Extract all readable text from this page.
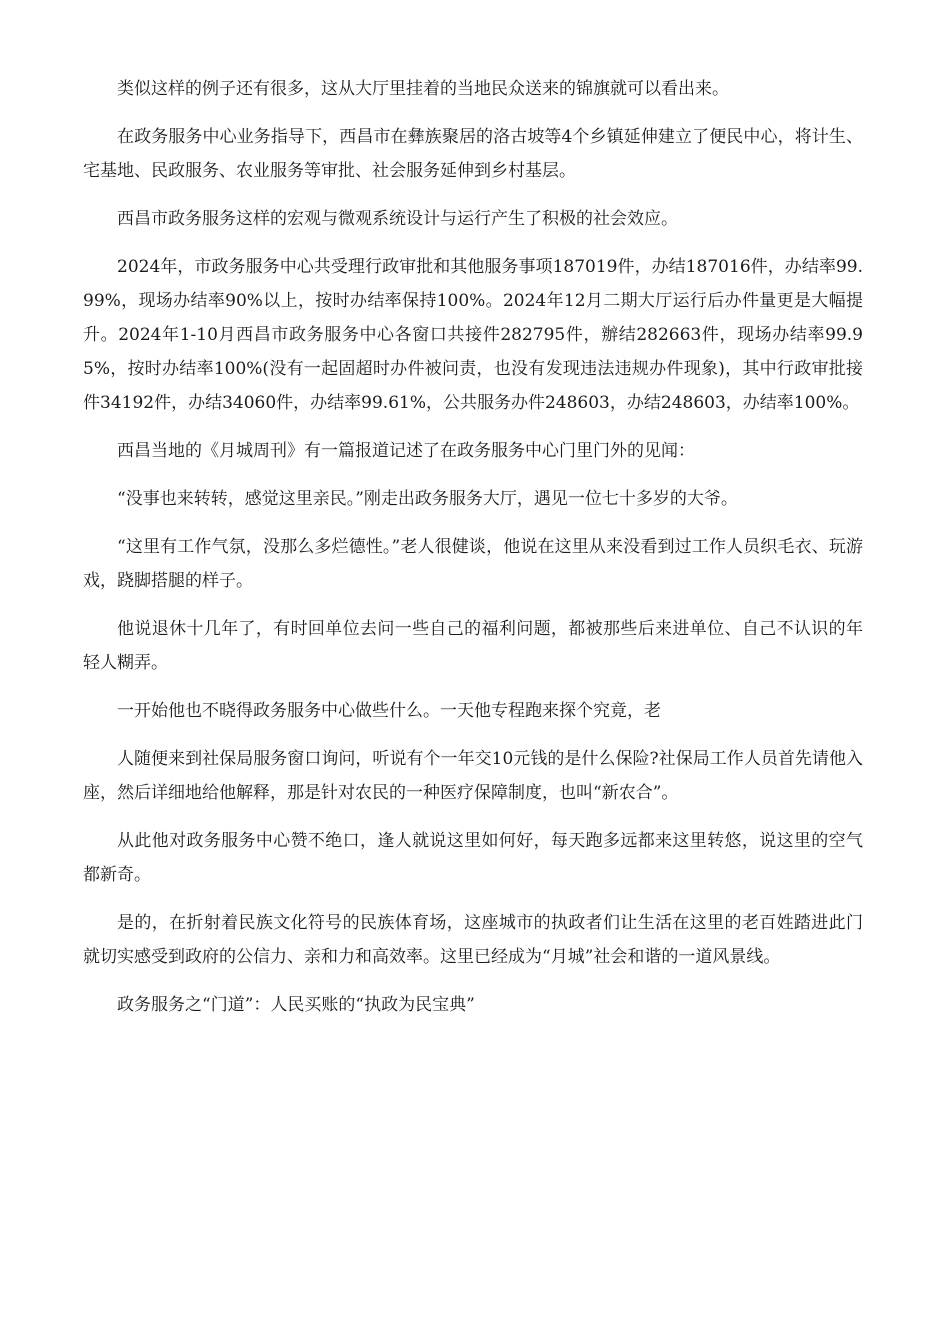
类似这样的例子还有很多，这从大厅里挂着的当地民众送来的锦旗就可以看出来。

在政务服务中心业务指导下，西昌市在彝族聚居的洛古坡等4个乡镇延伸建立了便民中心，将计生、宅基地、民政服务、农业服务等审批、社会服务延伸到乡村基层。

西昌市政务服务这样的宏观与微观系统设计与运行产生了积极的社会效应。

2024年，市政务服务中心共受理行政审批和其他服务事项187019件，办结187016件，办结率99.99%，现场办结率90%以上，按时办结率保持100%。2024年12月二期大厅运行后办件量更是大幅提升。2024年1-10月西昌市政务服务中心各窗口共接件282795件，辦结282663件，现场办结率99.95%，按时办结率100%(没有一起固超时办件被问责，也没有发现违法违规办件现象)，其中行政审批接件34192件，办结34060件，办结率99.61%，公共服务办件248603，办结248603，办结率100%。

西昌当地的《月城周刊》有一篇报道记述了在政务服务中心门里门外的见闻：

“没事也来转转，感觉这里亲民。”刚走出政务服务大厅，遇见一位七十多岁的大爷。

“这里有工作气氛，没那么多烂德性。”老人很健谈，他说在这里从来没看到过工作人员织毛衣、玩游戏，跷脚搭腿的样子。

他说退休十几年了，有时回单位去问一些自己的福利问题，都被那些后来进单位、自己不认识的年轻人糊弄。

一开始他也不晓得政务服务中心做些什么。一天他专程跑来探个究竟，老

人随便来到社保局服务窗口询问，听说有个一年交10元钱的是什么保险?社保局工作人员首先请他入座，然后详细地给他解释，那是针对农民的一种医疗保障制度，也叫“新农合”。

从此他对政务服务中心赞不绝口，逢人就说这里如何好，每天跑多远都来这里转悠，说这里的空气都新奇。

是的，在折射着民族文化符号的民族体育场，这座城市的执政者们让生活在这里的老百姓踏进此门就切实感受到政府的公信力、亲和力和高效率。这里已经成为“月城”社会和谐的一道风景线。

政务服务之“门道”：人民买账的“执政为民宝典”
